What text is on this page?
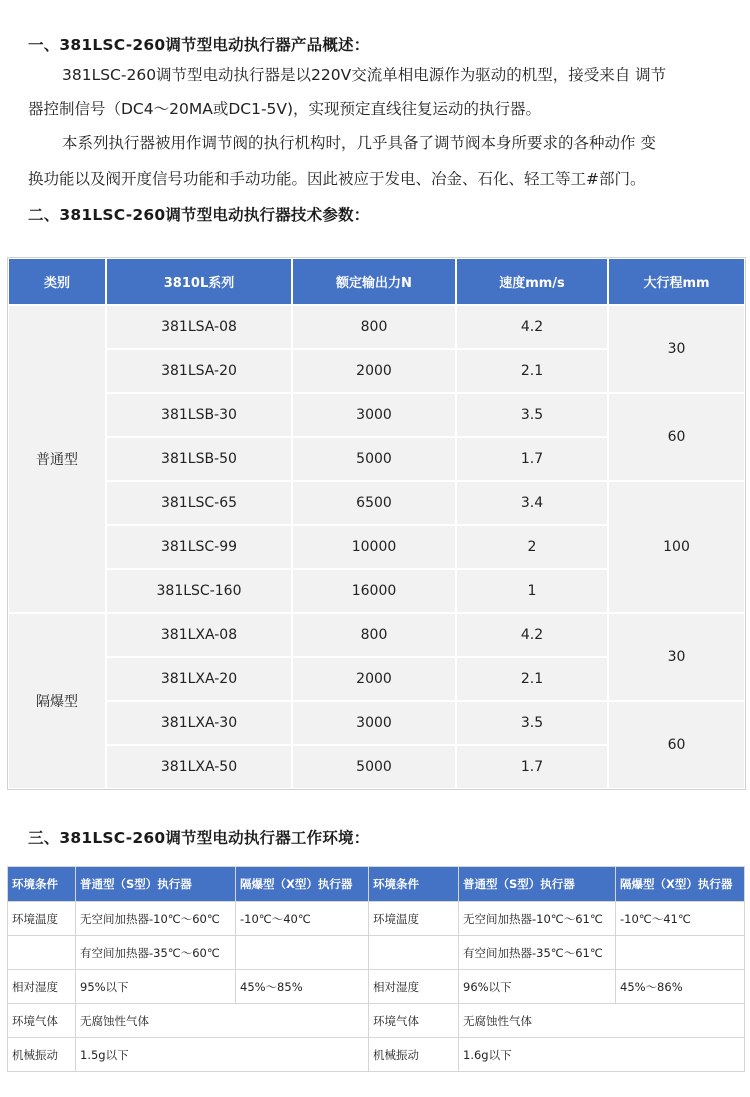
一、381LSC-260调节型电动执行器产品概述：
381LSC-260调节型电动执行器是以220V交流单相电源作为驱动的机型，接受来自 调节
器控制信号（DC4～20MA或DC1-5V)，实现预定直线往复运动的执行器。
本系列执行器被用作调节阀的执行机构时，几乎具备了调节阀本身所要求的各种动作 变
换功能以及阀开度信号功能和手动功能。因此被应于发电、冶金、石化、轻工等工#部门。
二、381LSC-260调节型电动执行器技术参数：
类别	3810L系列	额定输出力N	速度mm/s	大行程mm
普通型	381LSA-08	800	4.2	30
	381LSA-20	2000	2.1	
	381LSB-30	3000	3.5	60
	381LSB-50	5000	1.7	
	381LSC-65	6500	3.4	100
	381LSC-99	10000	2	
	381LSC-160	16000	1	
隔爆型	381LXA-08	800	4.2	30
	381LXA-20	2000	2.1	
	381LXA-30	3000	3.5	60
	381LXA-50	5000	1.7	
三、381LSC-260调节型电动执行器工作环境：
环境条件	普通型（S型）执行器	隔爆型（X型）执行器	环境条件	普通型（S型）执行器	隔爆型（X型）执行器
环境温度	无空间加热器-10℃～60℃	-10℃～40℃	环境温度	无空间加热器-10℃～61℃	-10℃～41℃
	有空间加热器-35℃～60℃			有空间加热器-35℃～61℃	
相对湿度	95%以下	45%～85%	相对湿度	96%以下	45%～86%
环境气体	无腐蚀性气体		环境气体	无腐蚀性气体	
机械振动	1.5g以下		机械振动	1.6g以下	
